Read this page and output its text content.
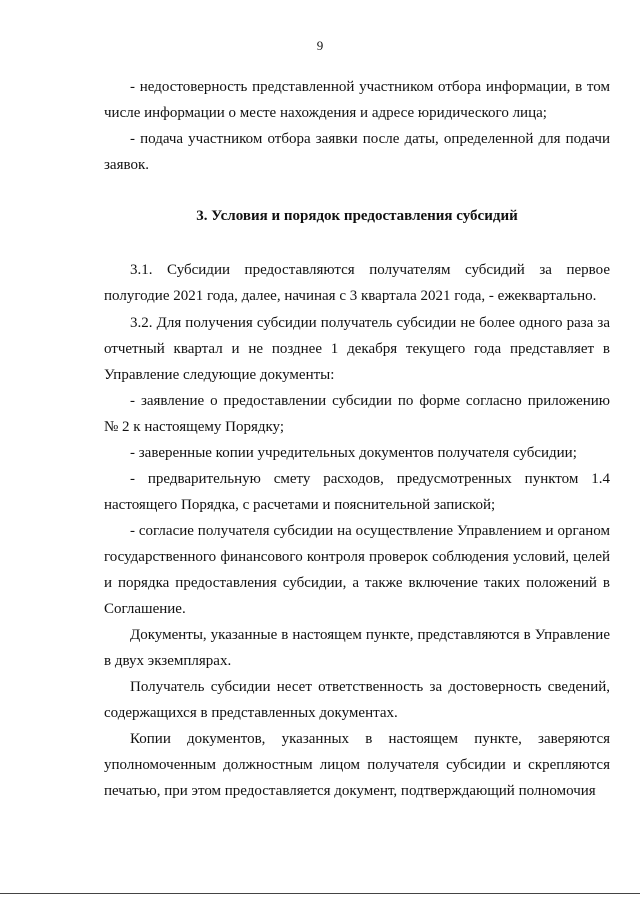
9

- недостоверность представленной участником отбора информации, в том числе информации о месте нахождения и адресе юридического лица;

- подача участником отбора заявки после даты, определенной для подачи заявок.

3. Условия и порядок предоставления субсидий

3.1. Субсидии предоставляются получателям субсидий за первое полугодие 2021 года, далее, начиная с 3 квартала 2021 года, - ежеквартально.

3.2. Для получения субсидии получатель субсидии не более одного раза за отчетный квартал и не позднее 1 декабря текущего года представляет в Управление следующие документы:

- заявление о предоставлении субсидии по форме согласно приложению № 2 к настоящему Порядку;

- заверенные копии учредительных документов получателя субсидии;

- предварительную смету расходов, предусмотренных пунктом 1.4 настоящего Порядка, с расчетами и пояснительной запиской;

- согласие получателя субсидии на осуществление Управлением и органом государственного финансового контроля проверок соблюдения условий, целей и порядка предоставления субсидии, а также включение таких положений в Соглашение.

Документы, указанные в настоящем пункте, представляются в Управление в двух экземплярах.

Получатель субсидии несет ответственность за достоверность сведений, содержащихся в представленных документах.

Копии документов, указанных в настоящем пункте, заверяются уполномоченным должностным лицом получателя субсидии и скрепляются печатью, при этом предоставляется документ, подтверждающий полномочия
